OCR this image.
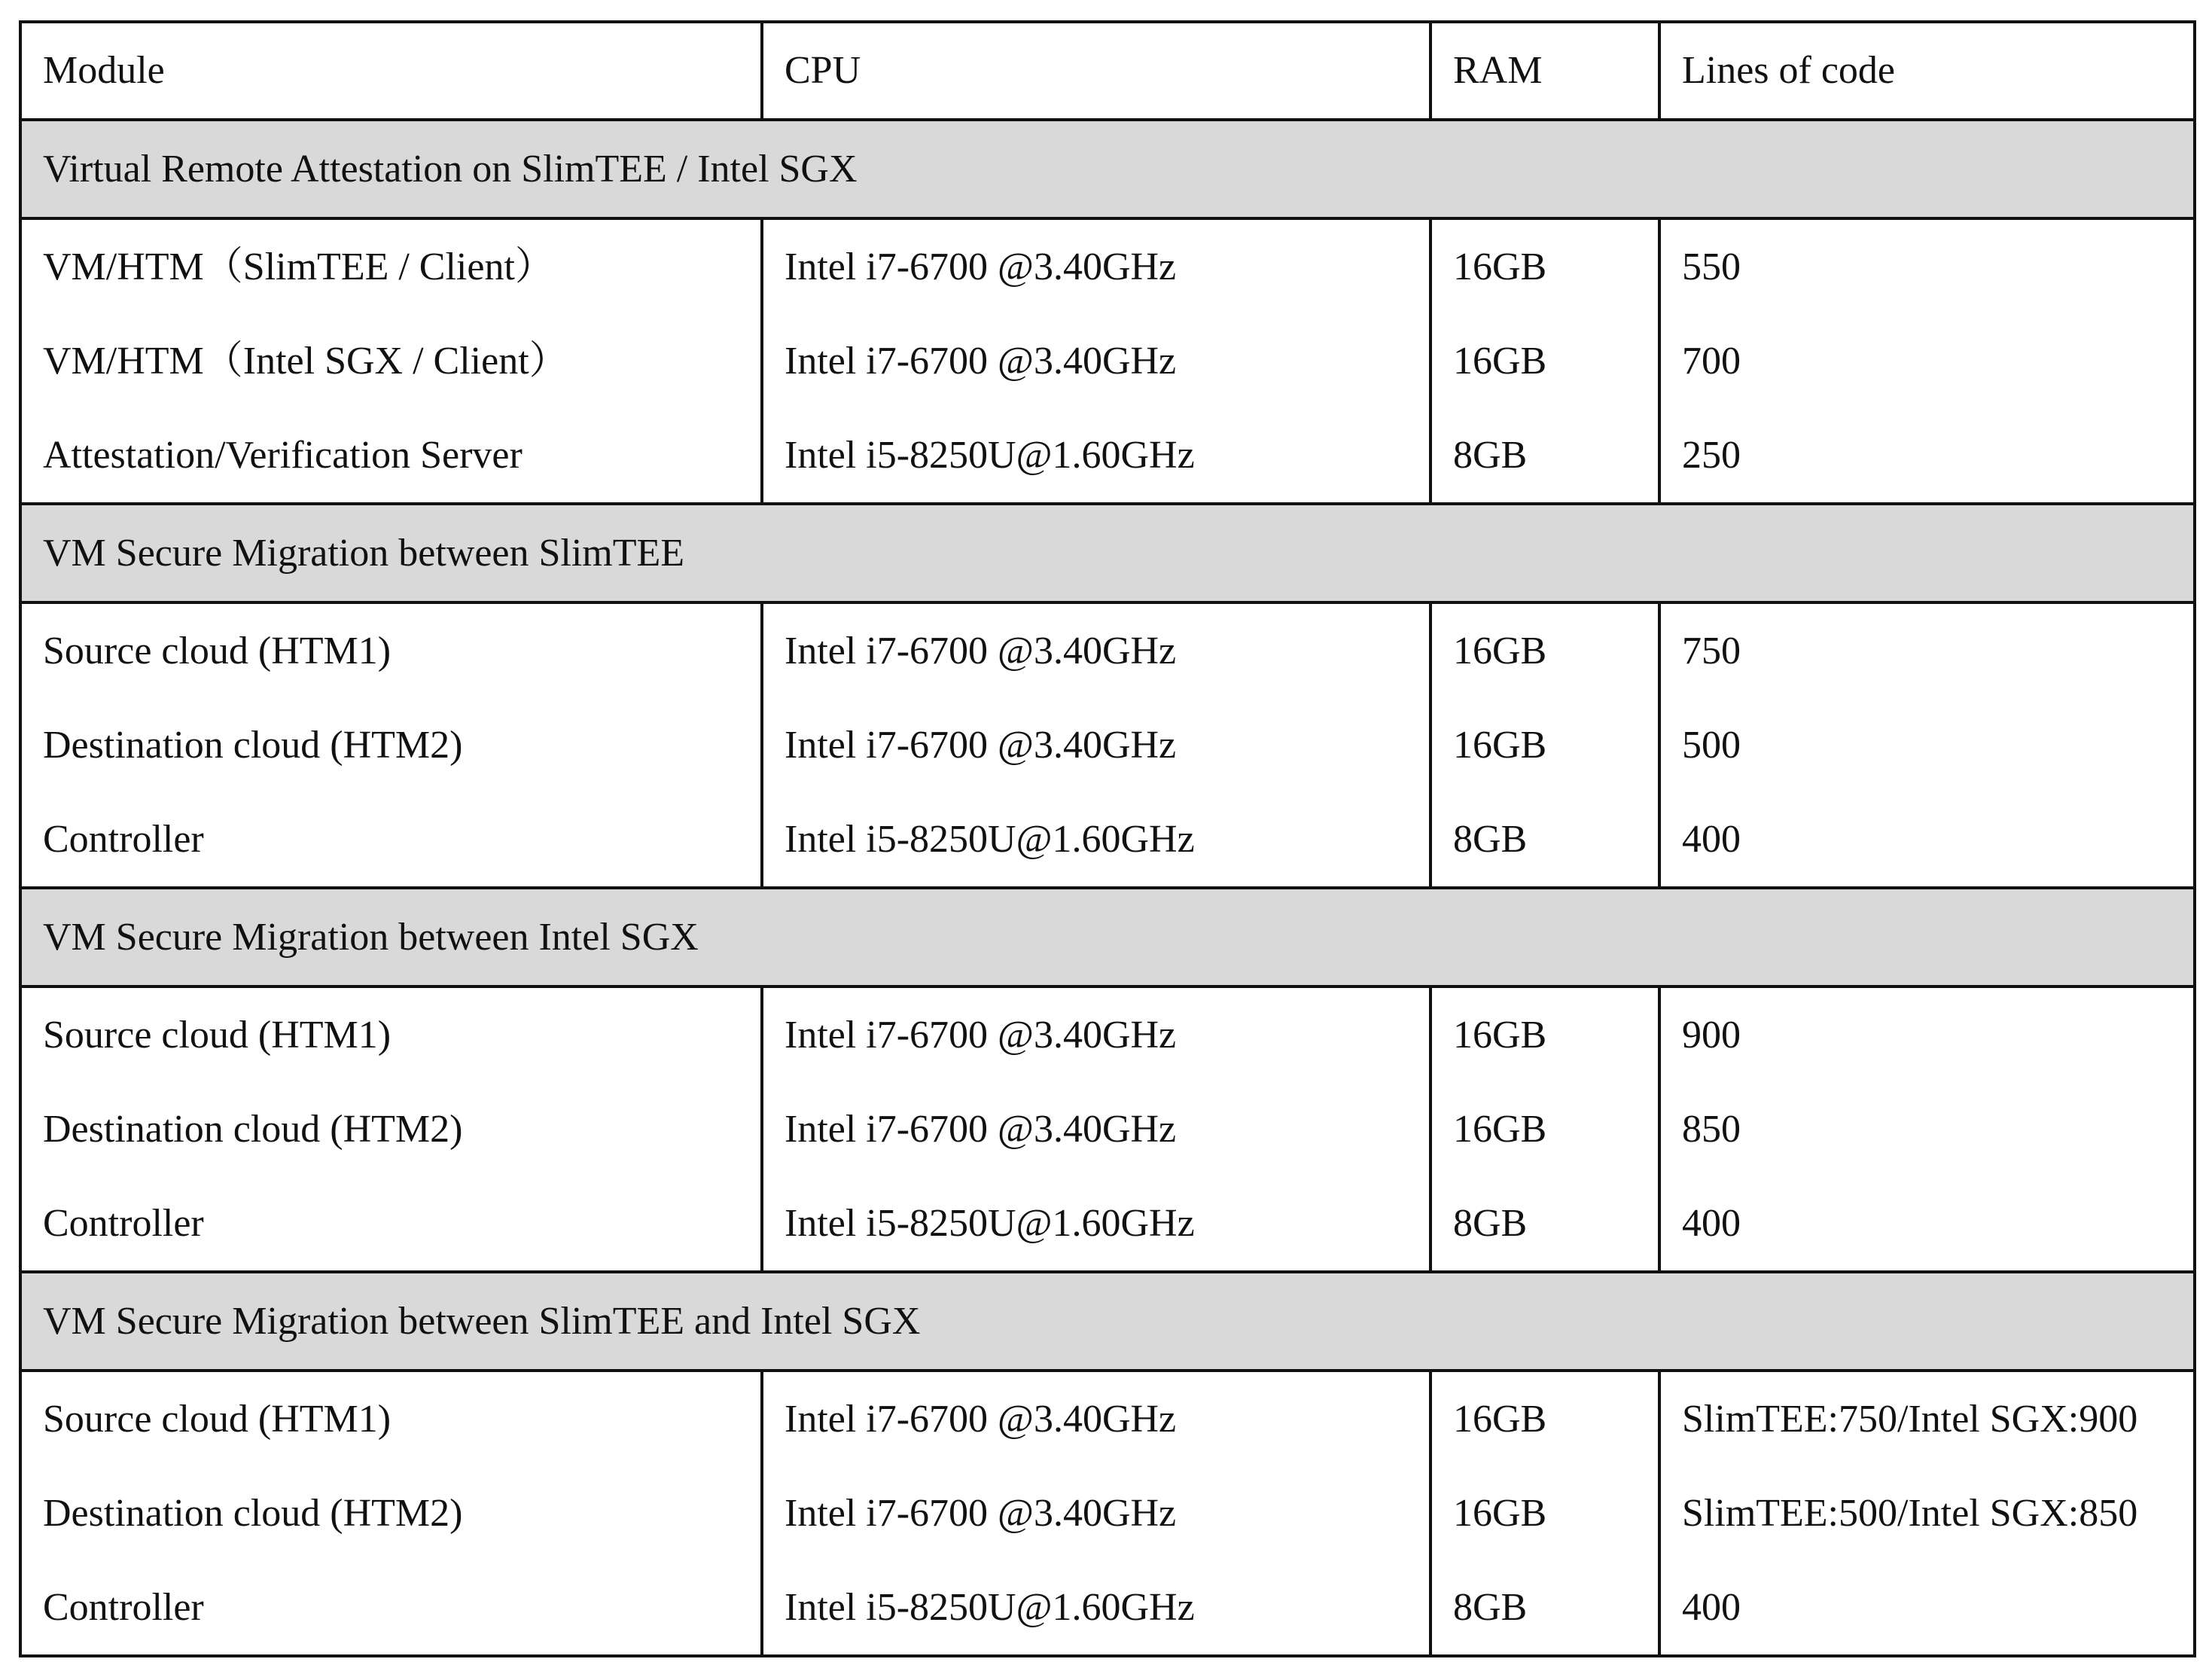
Module	CPU	RAM	Lines of code
Virtual Remote Attestation on SlimTEE / Intel SGX			
VM/HTM（SlimTEE / Client）	Intel i7-6700 @3.40GHz	16GB	550
VM/HTM（Intel SGX / Client）	Intel i7-6700 @3.40GHz	16GB	700
Attestation/Verification Server	Intel i5-8250U@1.60GHz	8GB	250
VM Secure Migration between SlimTEE			
Source cloud (HTM1)	Intel i7-6700 @3.40GHz	16GB	750
Destination cloud (HTM2)	Intel i7-6700 @3.40GHz	16GB	500
Controller	Intel i5-8250U@1.60GHz	8GB	400
VM Secure Migration between Intel SGX			
Source cloud (HTM1)	Intel i7-6700 @3.40GHz	16GB	900
Destination cloud (HTM2)	Intel i7-6700 @3.40GHz	16GB	850
Controller	Intel i5-8250U@1.60GHz	8GB	400
VM Secure Migration between SlimTEE and Intel SGX			
Source cloud (HTM1)	Intel i7-6700 @3.40GHz	16GB	SlimTEE:750/Intel SGX:900
Destination cloud (HTM2)	Intel i7-6700 @3.40GHz	16GB	SlimTEE:500/Intel SGX:850
Controller	Intel i5-8250U@1.60GHz	8GB	400
